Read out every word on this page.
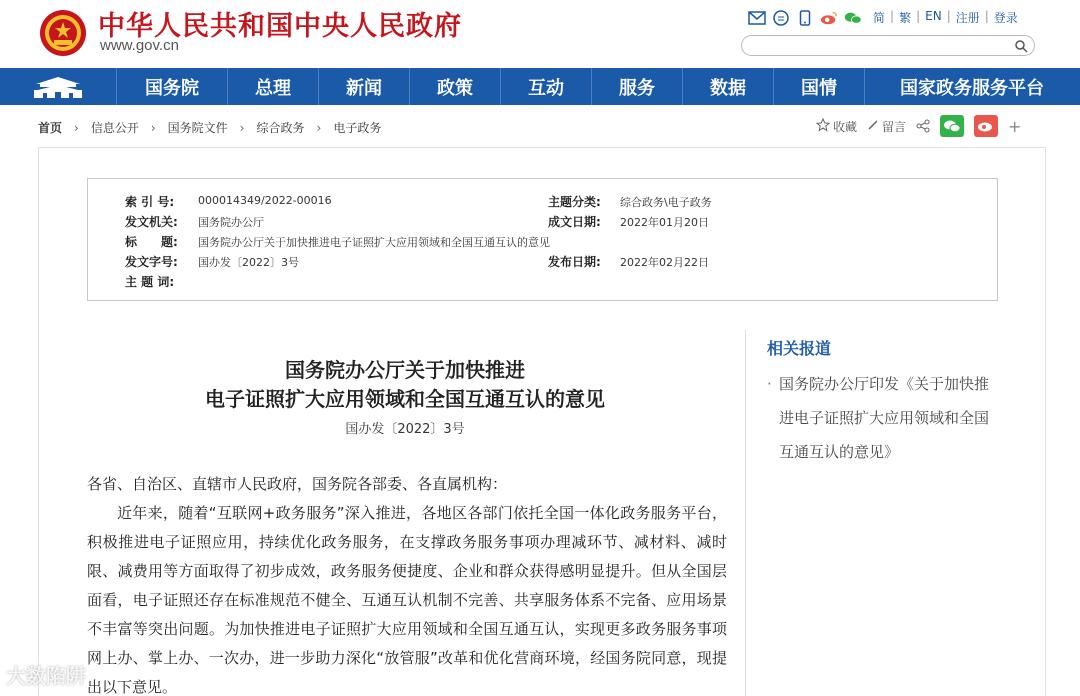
中华人民共和国中央人民政府
www.gov.cn
简 | 繁 | EN | 注册 | 登录
国务院	总理	新闻	政策	互动	服务	数据	国情	国家政务服务平台
首页 › 信息公开 › 国务院文件 › 综合政务 › 电子政务	收藏 留言	+
索 引 号: 000014349/2022-00016	主题分类: 综合政务\电子政务
发文机关: 国务院办公厅	成文日期: 2022年01月20日
标　　题: 国务院办公厅关于加快推进电子证照扩大应用领域和全国互通互认的意见
发文字号: 国办发〔2022〕3号	发布日期: 2022年02月22日
主 题 词:
国务院办公厅关于加快推进
电子证照扩大应用领域和全国互通互认的意见
国办发〔2022〕3号

各省、自治区、直辖市人民政府，国务院各部委、各直属机构：

近年来，随着“互联网+政务服务”深入推进，各地区各部门依托全国一体化政务服务平台，积极推进电子证照应用，持续优化政务服务，在支撑政务服务事项办理减环节、减材料、减时限、减费用等方面取得了初步成效，政务服务便捷度、企业和群众获得感明显提升。但从全国层面看，电子证照还存在标准规范不健全、互通互认机制不完善、共享服务体系不完备、应用场景不丰富等突出问题。为加快推进电子证照扩大应用领域和全国互通互认，实现更多政务服务事项网上办、掌上办、一次办，进一步助力深化“放管服”改革和优化营商环境，经国务院同意，现提出以下意见。

相关报道
· 国务院办公厅印发《关于加快推进电子证照扩大应用领域和全国互通互认的意见》
大数陷阱
